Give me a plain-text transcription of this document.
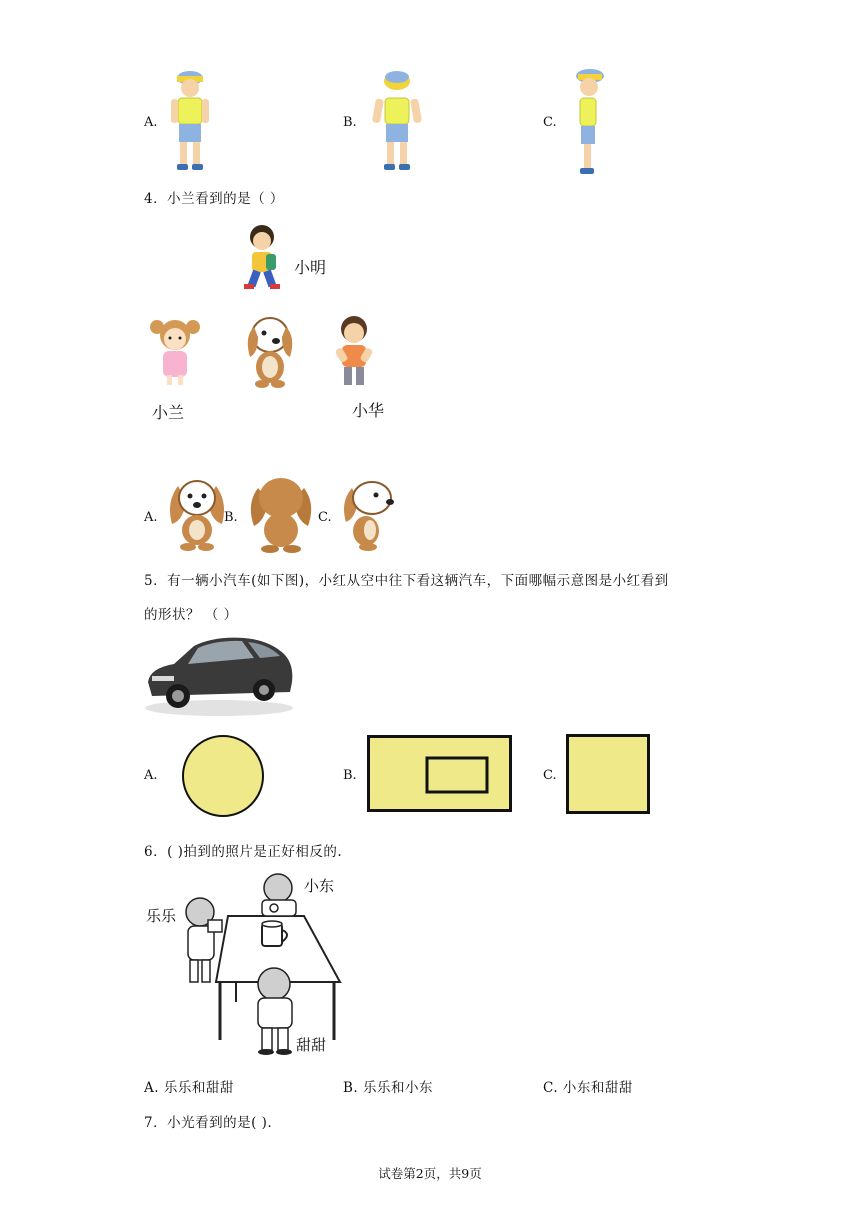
A.	B.	C.
4．小兰看到的是（ ）
小明
小兰	小华
A.	B.	C.
5．有一辆小汽车(如下图)，小红从空中往下看这辆汽车，下面哪幅示意图是小红看到
的形状？ （ ）
A.	B.	C.
6．( )拍到的照片是正好相反的.
小东
乐乐
甜甜
A. 乐乐和甜甜	B. 乐乐和小东	C. 小东和甜甜
7．小光看到的是( ).
试卷第2页，共9页
